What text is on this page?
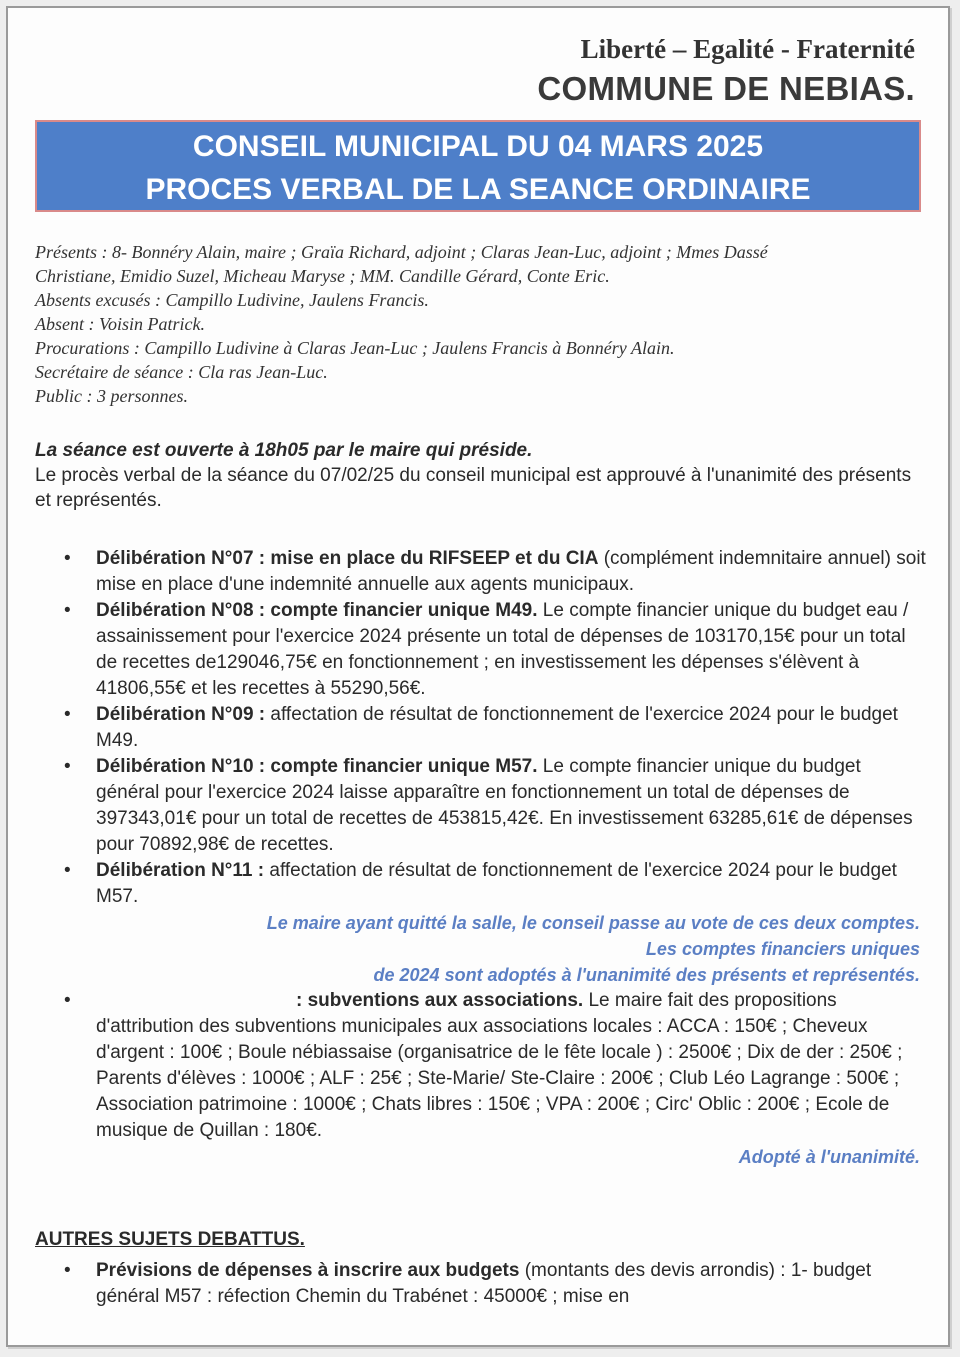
Liberté – Egalité - Fraternité
COMMUNE DE NEBIAS.
CONSEIL MUNICIPAL DU 04 MARS 2025
PROCES VERBAL DE LA SEANCE ORDINAIRE

Présents : 8- Bonnéry Alain, maire ; Graïa Richard, adjoint ; Claras Jean-Luc, adjoint ; Mmes Dassé

Christiane, Emidio Suzel, Micheau Maryse ; MM. Candille Gérard, Conte Eric.

Absents excusés : Campillo Ludivine, Jaulens Francis.

Absent : Voisin Patrick.

Procurations : Campillo Ludivine à Claras Jean-Luc ; Jaulens Francis à Bonnéry Alain.

Secrétaire de séance : Cla ras Jean-Luc.

Public : 3 personnes.

La séance est ouverte à 18h05 par le maire qui préside.

Le procès verbal de la séance du 07/02/25 du conseil municipal est approuvé à l'unanimité des présents et représentés.

• Délibération N°07 : mise en place du RIFSEEP et du CIA (complément indemnitaire annuel) soit mise en place d'une indemnité annuelle aux agents municipaux.
• Délibération N°08 : compte financier unique M49. Le compte financier unique du budget eau / assainissement pour l'exercice 2024 présente un total de dépenses de 103170,15€ pour un total de recettes de129046,75€ en fonctionnement ; en investissement les dépenses s'élèvent à 41806,55€ et les recettes à 55290,56€.
• Délibération N°09 : affectation de résultat de fonctionnement de l'exercice 2024 pour le budget M49.
• Délibération N°10 : compte financier unique M57. Le compte financier unique du budget général pour l'exercice 2024 laisse apparaître en fonctionnement un total de dépenses de 397343,01€ pour un total de recettes de 453815,42€. En investissement 63285,61€ de dépenses pour 70892,98€ de recettes.
• Délibération N°11 : affectation de résultat de fonctionnement de l'exercice 2024 pour le budget M57.
Le maire ayant quitté la salle, le conseil passe au vote de ces deux comptes.
Les comptes financiers uniques
de 2024 sont adoptés à l'unanimité des présents et représentés.
•	: subventions aux associations. Le maire fait des propositions d'attribution des subventions municipales aux associations locales : ACCA : 150€ ; Cheveux d'argent : 100€ ; Boule nébiassaise (organisatrice de le fête locale ) : 2500€ ; Dix de der : 250€ ; Parents d'élèves : 1000€ ; ALF : 25€ ; Ste-Marie/ Ste-Claire : 200€ ; Club Léo Lagrange : 500€ ; Association patrimoine : 1000€ ; Chats libres : 150€ ; VPA : 200€ ; Circ' Oblic : 200€ ; Ecole de musique de Quillan : 180€.
Adopté à l'unanimité.
AUTRES SUJETS DEBATTUS.
• Prévisions de dépenses à inscrire aux budgets (montants des devis arrondis) : 1- budget général M57 : réfection Chemin du Trabénet : 45000€ ; mise en
